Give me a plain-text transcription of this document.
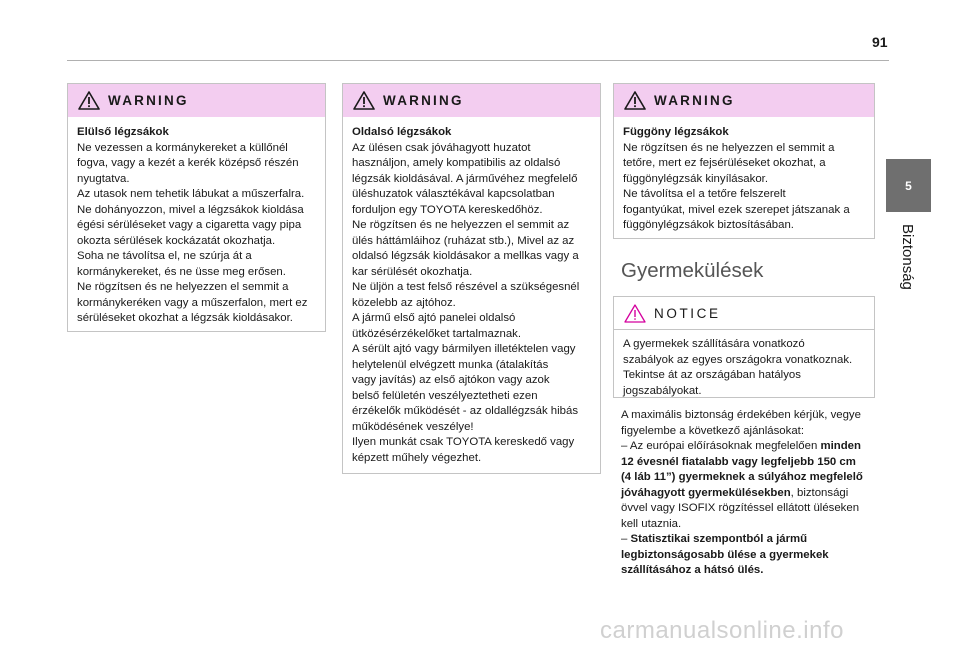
91
5
Biztonság
WARNING

Elülső légzsákok

Ne vezessen a kormánykereket a küllőnél

fogva, vagy a kezét a kerék középső részén

nyugtatva.

Az utasok nem tehetik lábukat a műszerfalra.

Ne dohányozzon, mivel a légzsákok kioldása

égési sérüléseket vagy a cigaretta vagy pipa

okozta sérülések kockázatát okozhatja.

Soha ne távolítsa el, ne szúrja át a

kormánykereket, és ne üsse meg erősen.

Ne rögzítsen és ne helyezzen el semmit a

kormánykeréken vagy a műszerfalon, mert ez

sérüléseket okozhat a légzsák kioldásakor.

WARNING

Oldalsó légzsákok

Az ülésen csak jóváhagyott huzatot

használjon, amely kompatibilis az oldalsó

légzsák kioldásával. A járművéhez megfelelő

üléshuzatok választékával kapcsolatban

forduljon egy TOYOTA kereskedőhöz.

Ne rögzítsen és ne helyezzen el semmit az

ülés háttámláihoz (ruházat stb.), Mivel az az

oldalsó légzsák kioldásakor a mellkas vagy a

kar sérülését okozhatja.

Ne üljön a test felső részével a szükségesnél

közelebb az ajtóhoz.

A jármű első ajtó panelei oldalsó

ütközésérzékelőket tartalmaznak.

A sérült ajtó vagy bármilyen illetéktelen vagy

helytelenül elvégzett munka (átalakítás

vagy javítás) az első ajtókon vagy azok

belső felületén veszélyeztetheti ezen

érzékelők működését - az oldallégzsák hibás

működésének veszélye!

Ilyen munkát csak TOYOTA kereskedő vagy

képzett műhely végezhet.

WARNING

Függöny légzsákok

Ne rögzítsen és ne helyezzen el semmit a

tetőre, mert ez fejsérüléseket okozhat, a

függönylégzsák kinyílásakor.

Ne távolítsa el a tetőre felszerelt

fogantyúkat, mivel ezek szerepet játszanak a

függönylégzsákok biztosításában.

Gyermekülések
NOTICE

A gyermekek szállítására vonatkozó

szabályok az egyes országokra vonatkoznak.

Tekintse át az országában hatályos

jogszabályokat.

A maximális biztonság érdekében kérjük, vegye

figyelembe a következő ajánlásokat:

– Az európai előírásoknak megfelelően minden

12 évesnél fiatalabb vagy legfeljebb 150 cm

(4 láb 11”) gyermeknek a súlyához megfelelő

jóváhagyott gyermekülésekben, biztonsági

övvel vagy ISOFIX rögzítéssel ellátott üléseken

kell utaznia.

– Statisztikai szempontból a jármű

legbiztonságosabb ülése a gyermekek

szállításához a hátsó ülés.

carmanualsonline.info
